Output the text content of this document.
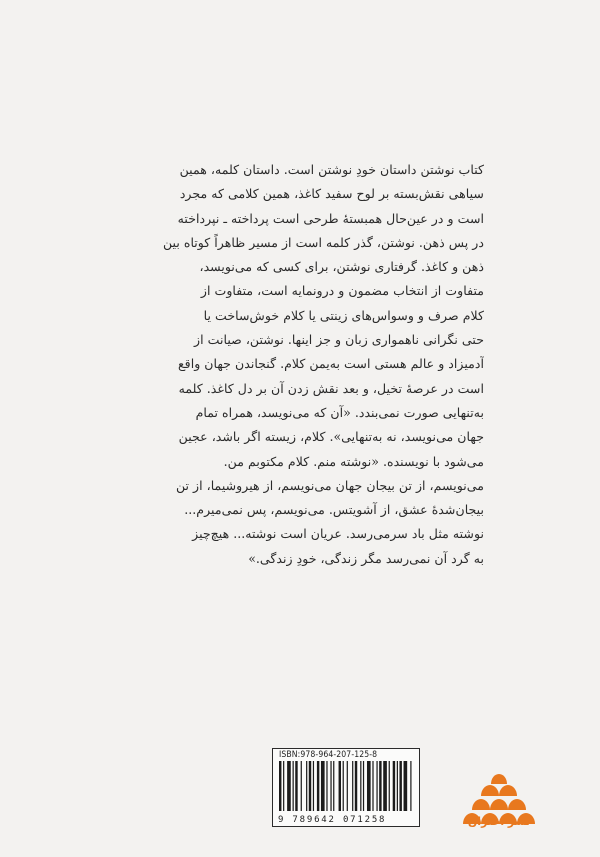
کتاب نوشتن داستان خودِ نوشتن است. داستان کلمه، همین
سیاهی نقش‌بسته بر لوح سفید کاغذ، همین کلامی که مجرد
است و در عین‌حال همبستهٔ طرحی است پرداخته ـ نپرداخته
در پس ذهن. نوشتن، گذر کلمه است از مسیر ظاهراً کوتاه بین
ذهن و کاغذ. گرفتاری نوشتن، برای کسی که می‌نویسد،
متفاوت از انتخاب مضمون و درونمایه است، متفاوت از
کلام صرف و وسواس‌های زینتی یا کلام خوش‌ساخت یا
حتی نگرانی ناهمواری زبان و جز اینها. نوشتن، صیانت از
آدمیزاد و عالم هستی است به‌یمن کلام. گنجاندن جهان واقع
است در عرصهٔ تخیل، و بعد نقش زدن آن بر دل کاغذ. کلمه
به‌تنهایی صورت نمی‌بندد. «آن که می‌نویسد، همراه تمام
جهان می‌نویسد، نه به‌تنهایی». کلام، زیسته اگر باشد، عجین
می‌شود با نویسنده. «نوشته منم. کلام مکتوبم من.
می‌نویسم، از تن بیجان جهان می‌نویسم، از هیروشیما، از تن
بیجان‌شدهٔ عشق، از آشویتس. می‌نویسم، پس نمی‌میرم...
نوشته مثل باد سرمی‌رسد. عریان است نوشته... هیچ‌چیز
به گرد آن نمی‌رسد مگر زندگی، خودِ زندگی.»
ISBN:978-964-207-125-8
9 789642 071258	نشر اختران
